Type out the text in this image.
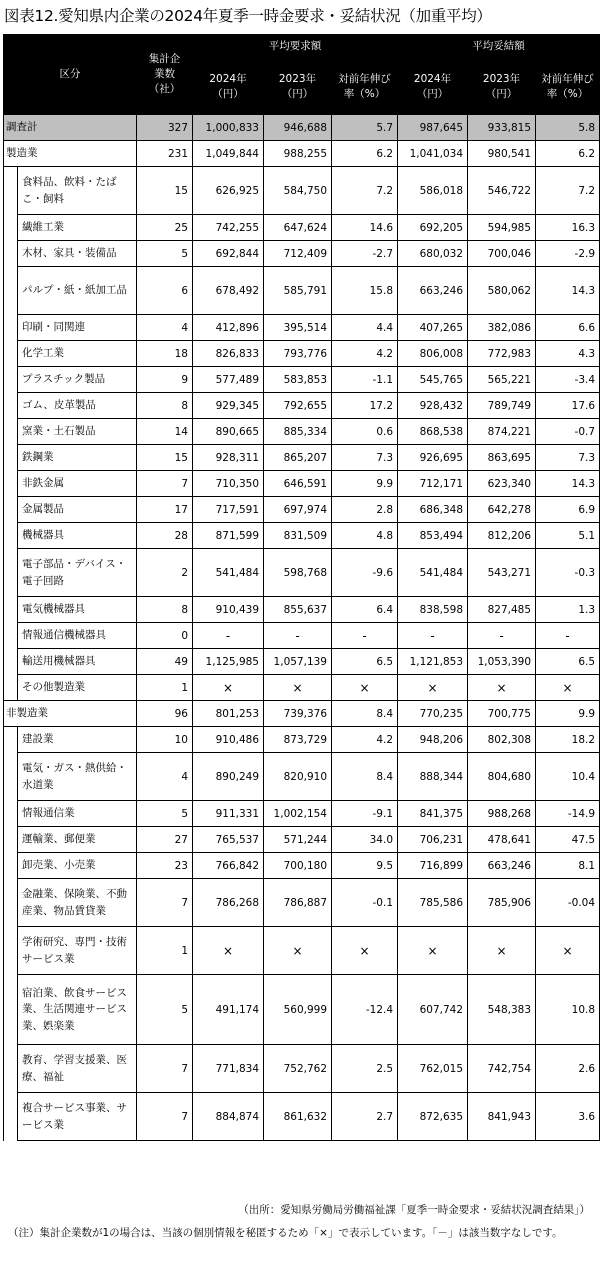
図表12.愛知県内企業の2024年夏季一時金要求・妥結状況（加重平均）
区分		集計企業数（社）	平均要求額			平均妥結額		

			2024年（円）	2023年（円）	対前年伸び率（%）	2024年（円）	2023年（円）	対前年伸び率（%）

調査計		327	1,000,833	946,688	5.7	987,645	933,815	5.8

製造業		231	1,049,844	988,255	6.2	1,041,034	980,541	6.2

	食料品、飲料・たばこ・飼料	15	626,925	584,750	7.2	586,018	546,722	7.2

	繊維工業	25	742,255	647,624	14.6	692,205	594,985	16.3

	木材、家具・装備品	5	692,844	712,409	-2.7	680,032	700,046	-2.9

	パルプ・紙・紙加工品	6	678,492	585,791	15.8	663,246	580,062	14.3

	印刷・同関連	4	412,896	395,514	4.4	407,265	382,086	6.6

	化学工業	18	826,833	793,776	4.2	806,008	772,983	4.3

	プラスチック製品	9	577,489	583,853	-1.1	545,765	565,221	-3.4

	ゴム、皮革製品	8	929,345	792,655	17.2	928,432	789,749	17.6

	窯業・土石製品	14	890,665	885,334	0.6	868,538	874,221	-0.7

	鉄鋼業	15	928,311	865,207	7.3	926,695	863,695	7.3

	非鉄金属	7	710,350	646,591	9.9	712,171	623,340	14.3

	金属製品	17	717,591	697,974	2.8	686,348	642,278	6.9

	機械器具	28	871,599	831,509	4.8	853,494	812,206	5.1

	電子部品・デバイス・電子回路	2	541,484	598,768	-9.6	541,484	543,271	-0.3

	電気機械器具	8	910,439	855,637	6.4	838,598	827,485	1.3

	情報通信機械器具	0	-	-	-	-	-	-

	輸送用機械器具	49	1,125,985	1,057,139	6.5	1,121,853	1,053,390	6.5

	その他製造業	1	×	×	×	×	×	×

非製造業		96	801,253	739,376	8.4	770,235	700,775	9.9

	建設業	10	910,486	873,729	4.2	948,206	802,308	18.2

	電気・ガス・熱供給・水道業	4	890,249	820,910	8.4	888,344	804,680	10.4

	情報通信業	5	911,331	1,002,154	-9.1	841,375	988,268	-14.9

	運輸業、郵便業	27	765,537	571,244	34.0	706,231	478,641	47.5

	卸売業、小売業	23	766,842	700,180	9.5	716,899	663,246	8.1

	金融業、保険業、不動産業、物品賃貸業	7	786,268	786,887	-0.1	785,586	785,906	-0.04

	学術研究、専門・技術サービス業	1	×	×	×	×	×	×

	宿泊業、飲食サービス業、生活関連サービス業、娯楽業	5	491,174	560,999	-12.4	607,742	548,383	10.8

	教育、学習支援業、医療、福祉	7	771,834	752,762	2.5	762,015	742,754	2.6

	複合サービス事業、サービス業	7	884,874	861,632	2.7	872,635	841,943	3.6
（出所：愛知県労働局労働福祉課「夏季一時金要求・妥結状況調査結果」）
（注）集計企業数が1の場合は、当該の個別情報を秘匿するため「×」で表示しています。「－」は該当数字なしです。
